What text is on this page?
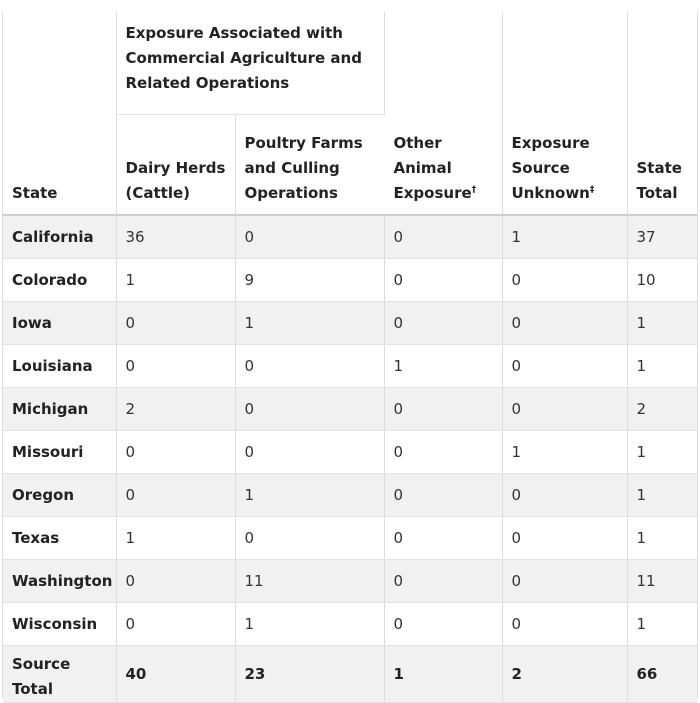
State	Exposure Associated with Commercial Agriculture and Related Operations		Other Animal Exposure†	Exposure Source Unknown‡	State Total
	Dairy Herds (Cattle)	Poultry Farms and Culling Operations			
California	36	0	0	1	37
Colorado	1	9	0	0	10
Iowa	0	1	0	0	1
Louisiana	0	0	1	0	1
Michigan	2	0	0	0	2
Missouri	0	0	0	1	1
Oregon	0	1	0	0	1
Texas	1	0	0	0	1
Washington	0	11	0	0	11
Wisconsin	0	1	0	0	1
Source Total	40	23	1	2	66
